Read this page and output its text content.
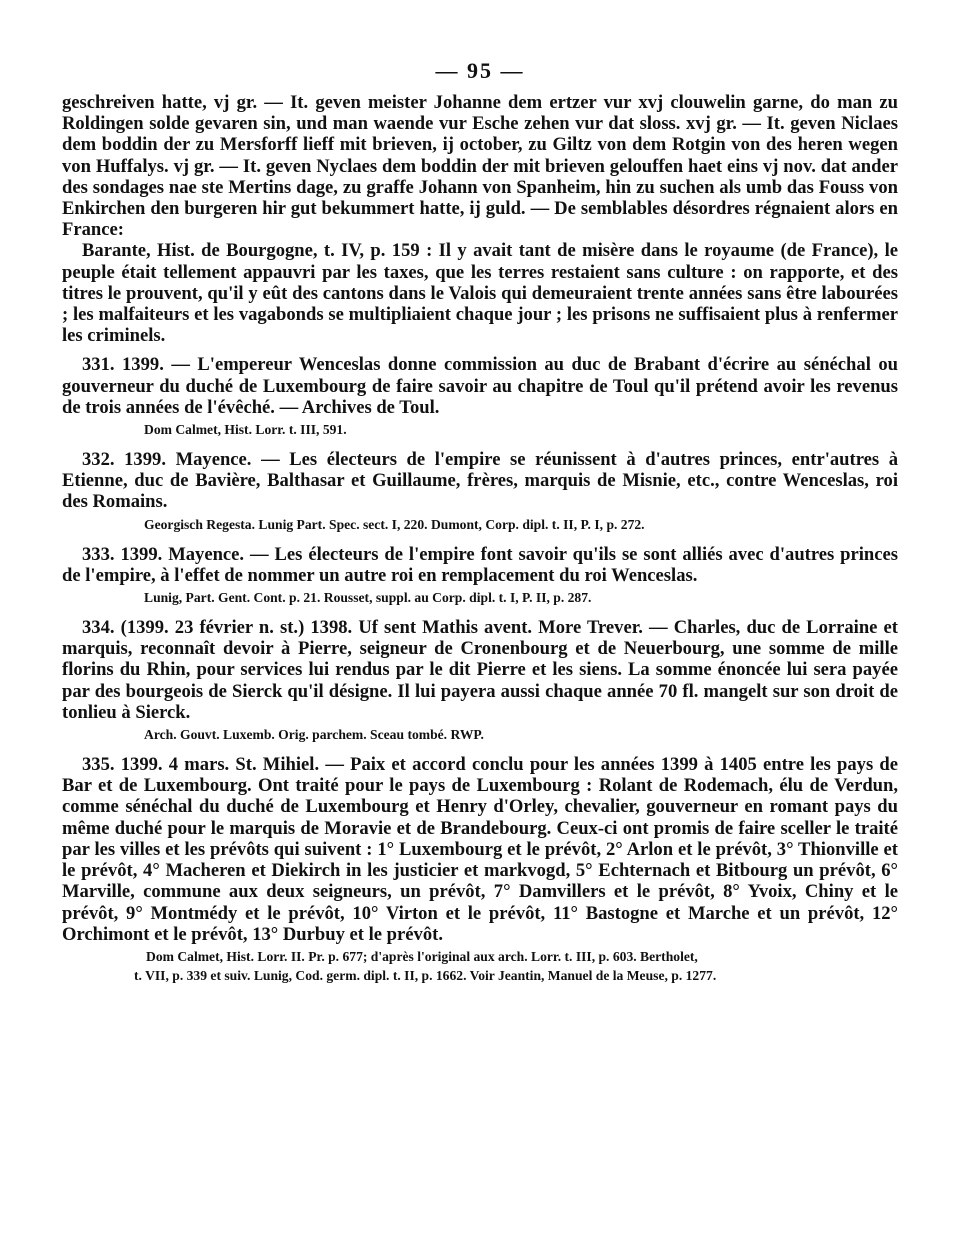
— 95 —

geschreiven hatte, vj gr. — It. geven meister Johanne dem ertzer vur xvj clouwelin garne, do man zu Roldingen solde gevaren sin, und man waende vur Esche zehen vur dat sloss. xvj gr. — It. geven Niclaes dem boddin der zu Mersforff lieff mit brieven, ij october, zu Giltz von dem Rotgin von des heren wegen von Huffalys. vj gr. — It. geven Nyclaes dem boddin der mit brieven gelouffen haet eins vj nov. dat ander des sondages nae ste Mertins dage, zu graffe Johann von Spanheim, hin zu suchen als umb das Fouss von Enkirchen den burgeren hir gut bekummert hatte, ij guld. — De semblables désordres régnaient alors en France:

Barante, Hist. de Bourgogne, t. IV, p. 159 : Il y avait tant de misère dans le royaume (de France), le peuple était tellement appauvri par les taxes, que les terres restaient sans culture : on rapporte, et des titres le prouvent, qu'il y eût des cantons dans le Valois qui demeuraient trente années sans être labourées ; les malfaiteurs et les vagabonds se multipliaient chaque jour ; les prisons ne suffisaient plus à renfermer les criminels.

331. 1399. — L'empereur Wenceslas donne commission au duc de Brabant d'écrire au sénéchal ou gouverneur du duché de Luxembourg de faire savoir au chapitre de Toul qu'il prétend avoir les revenus de trois années de l'évêché. — Archives de Toul.

Dom Calmet, Hist. Lorr. t. III, 591.

332. 1399. Mayence. — Les électeurs de l'empire se réunissent à d'autres princes, entr'autres à Etienne, duc de Bavière, Balthasar et Guillaume, frères, marquis de Misnie, etc., contre Wenceslas, roi des Romains.

Georgisch Regesta. Lunig Part. Spec. sect. I, 220. Dumont, Corp. dipl. t. II, P. I, p. 272.

333. 1399. Mayence. — Les électeurs de l'empire font savoir qu'ils se sont alliés avec d'autres princes de l'empire, à l'effet de nommer un autre roi en remplacement du roi Wenceslas.

Lunig, Part. Gent. Cont. p. 21. Rousset, suppl. au Corp. dipl. t. I, P. II, p. 287.

334. (1399. 23 février n. st.) 1398. Uf sent Mathis avent. More Trever. — Charles, duc de Lorraine et marquis, reconnaît devoir à Pierre, seigneur de Cronenbourg et de Neuerbourg, une somme de mille florins du Rhin, pour services lui rendus par le dit Pierre et les siens. La somme énoncée lui sera payée par des bourgeois de Sierck qu'il désigne. Il lui payera aussi chaque année 70 fl. mangelt sur son droit de tonlieu à Sierck.

Arch. Gouvt. Luxemb. Orig. parchem. Sceau tombé. RWP.

335. 1399. 4 mars. St. Mihiel. — Paix et accord conclu pour les années 1399 à 1405 entre les pays de Bar et de Luxembourg. Ont traité pour le pays de Luxembourg : Rolant de Rodemach, élu de Verdun, comme sénéchal du duché de Luxembourg et Henry d'Orley, chevalier, gouverneur en romant pays du même duché pour le marquis de Moravie et de Brandebourg. Ceux-ci ont promis de faire sceller le traité par les villes et les prévôts qui suivent : 1° Luxembourg et le prévôt, 2° Arlon et le prévôt, 3° Thionville et le prévôt, 4° Macheren et Diekirch in les justicier et markvogd, 5° Echternach et Bitbourg un prévôt, 6° Marville, commune aux deux seigneurs, un prévôt, 7° Damvillers et le prévôt, 8° Yvoix, Chiny et le prévôt, 9° Montmédy et le prévôt, 10° Virton et le prévôt, 11° Bastogne et Marche et un prévôt, 12° Orchimont et le prévôt, 13° Durbuy et le prévôt.

Dom Calmet, Hist. Lorr. II. Pr. p. 677; d'après l'original aux arch. Lorr. t. III, p. 603. Bertholet,
t. VII, p. 339 et suiv. Lunig, Cod. germ. dipl. t. II, p. 1662. Voir Jeantin, Manuel de la Meuse, p. 1277.
